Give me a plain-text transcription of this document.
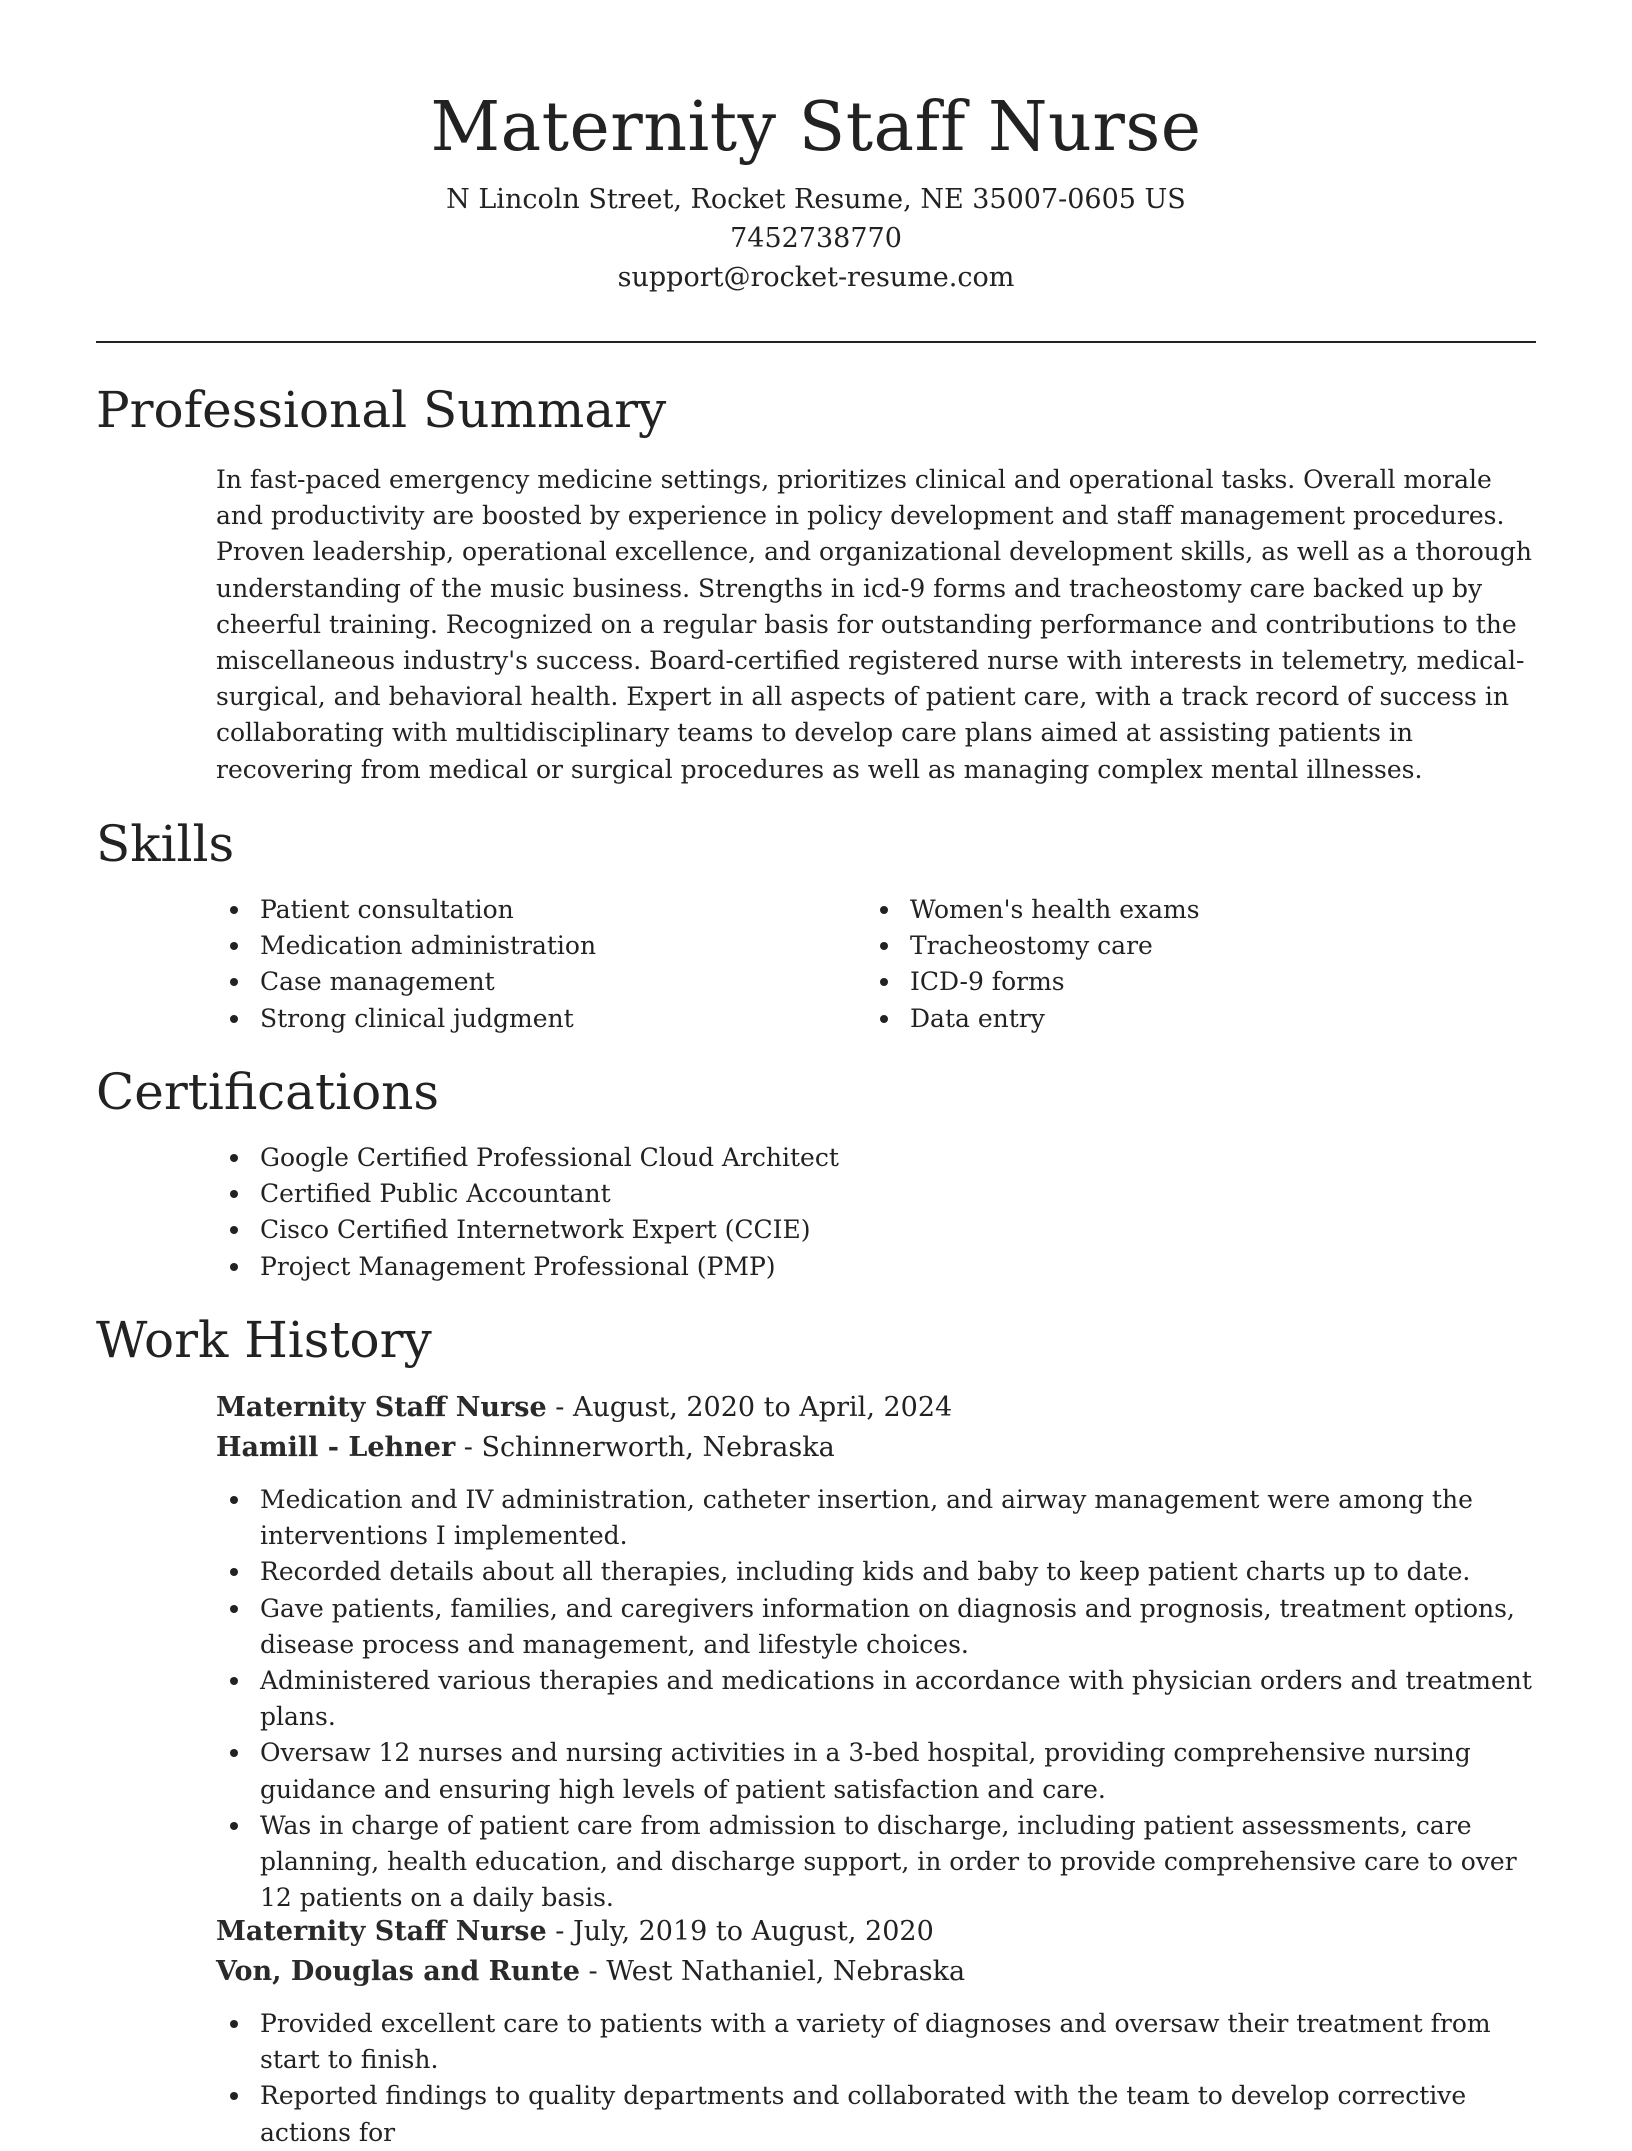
Maternity Staff Nurse
N Lincoln Street, Rocket Resume, NE 35007-0605 US
7452738770
support@rocket-resume.com
Professional Summary
In fast-paced emergency medicine settings, prioritizes clinical and operational tasks. Overall morale and productivity are boosted by experience in policy development and staff management procedures. Proven leadership, operational excellence, and organizational development skills, as well as a thorough understanding of the music business. Strengths in icd-9 forms and tracheostomy care backed up by cheerful training. Recognized on a regular basis for outstanding performance and contributions to the miscellaneous industry's success. Board-certified registered nurse with interests in telemetry, medical-surgical, and behavioral health. Expert in all aspects of patient care, with a track record of success in collaborating with multidisciplinary teams to develop care plans aimed at assisting patients in recovering from medical or surgical procedures as well as managing complex mental illnesses.
Skills
Patient consultation
Medication administration
Case management
Strong clinical judgment
Women's health exams
Tracheostomy care
ICD-9 forms
Data entry
Certifications
Google Certified Professional Cloud Architect
Certified Public Accountant
Cisco Certified Internetwork Expert (CCIE)
Project Management Professional (PMP)
Work History
Maternity Staff Nurse - August, 2020 to April, 2024
Hamill - Lehner - Schinnerworth, Nebraska
Medication and IV administration, catheter insertion, and airway management were among the interventions I implemented.
Recorded details about all therapies, including kids and baby to keep patient charts up to date.
Gave patients, families, and caregivers information on diagnosis and prognosis, treatment options, disease process and management, and lifestyle choices.
Administered various therapies and medications in accordance with physician orders and treatment plans.
Oversaw 12 nurses and nursing activities in a 3-bed hospital, providing comprehensive nursing guidance and ensuring high levels of patient satisfaction and care.
Was in charge of patient care from admission to discharge, including patient assessments, care planning, health education, and discharge support, in order to provide comprehensive care to over 12 patients on a daily basis.
Maternity Staff Nurse - July, 2019 to August, 2020
Von, Douglas and Runte - West Nathaniel, Nebraska
Provided excellent care to patients with a variety of diagnoses and oversaw their treatment from start to finish.
Reported findings to quality departments and collaborated with the team to develop corrective actions for
